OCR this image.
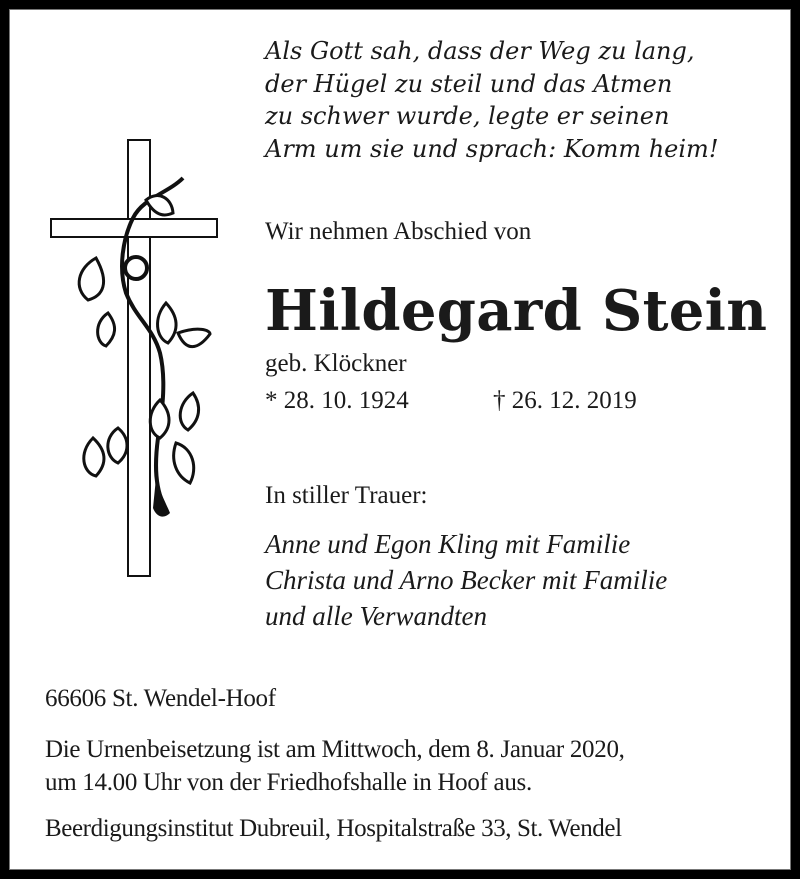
Als Gott sah, dass der Weg zu lang,
der Hügel zu steil und das Atmen
zu schwer wurde, legte er seinen
Arm um sie und sprach: Komm heim!
Wir nehmen Abschied von
Hildegard Stein
geb. Klöckner
* 28. 10. 1924	† 26. 12. 2019
In stiller Trauer:
Anne und Egon Kling mit Familie
Christa und Arno Becker mit Familie
und alle Verwandten
66606 St. Wendel-Hoof
Die Urnenbeisetzung ist am Mittwoch, dem 8. Januar 2020,
um 14.00 Uhr von der Friedhofshalle in Hoof aus.
Beerdigungsinstitut Dubreuil, Hospitalstraße 33, St. Wendel
